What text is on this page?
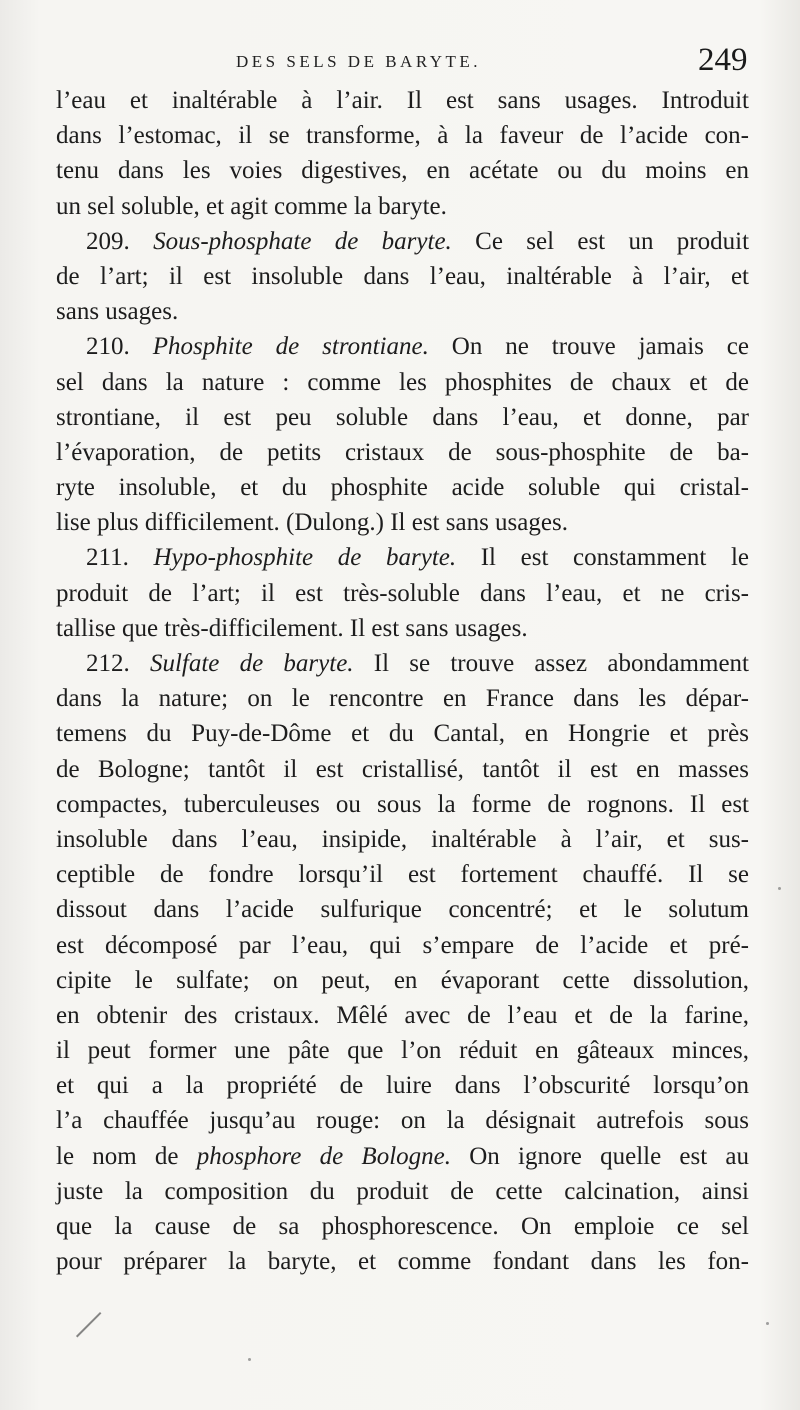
DES SELS DE BARYTE.	249
l’eau et inaltérable à l’air. Il est sans usages. Introduit
dans l’estomac, il se transforme, à la faveur de l’acide con-
tenu dans les voies digestives, en acétate ou du moins en
un sel soluble, et agit comme la baryte.
209. Sous-phosphate de baryte. Ce sel est un produit
de l’art; il est insoluble dans l’eau, inaltérable à l’air, et
sans usages.
210. Phosphite de strontiane. On ne trouve jamais ce
sel dans la nature : comme les phosphites de chaux et de
strontiane, il est peu soluble dans l’eau, et donne, par
l’évaporation, de petits cristaux de sous-phosphite de ba-
ryte insoluble, et du phosphite acide soluble qui cristal-
lise plus difficilement. (Dulong.) Il est sans usages.
211. Hypo-phosphite de baryte. Il est constamment le
produit de l’art; il est très-soluble dans l’eau, et ne cris-
tallise que très-difficilement. Il est sans usages.
212. Sulfate de baryte. Il se trouve assez abondamment
dans la nature; on le rencontre en France dans les dépar-
temens du Puy-de-Dôme et du Cantal, en Hongrie et près
de Bologne; tantôt il est cristallisé, tantôt il est en masses
compactes, tuberculeuses ou sous la forme de rognons. Il est
insoluble dans l’eau, insipide, inaltérable à l’air, et sus-
ceptible de fondre lorsqu’il est fortement chauffé. Il se
dissout dans l’acide sulfurique concentré; et le solutum
est décomposé par l’eau, qui s’empare de l’acide et pré-
cipite le sulfate; on peut, en évaporant cette dissolution,
en obtenir des cristaux. Mêlé avec de l’eau et de la farine,
il peut former une pâte que l’on réduit en gâteaux minces,
et qui a la propriété de luire dans l’obscurité lorsqu’on
l’a chauffée jusqu’au rouge: on la désignait autrefois sous
le nom de phosphore de Bologne. On ignore quelle est au
juste la composition du produit de cette calcination, ainsi
que la cause de sa phosphorescence. On emploie ce sel
pour préparer la baryte, et comme fondant dans les fon-
